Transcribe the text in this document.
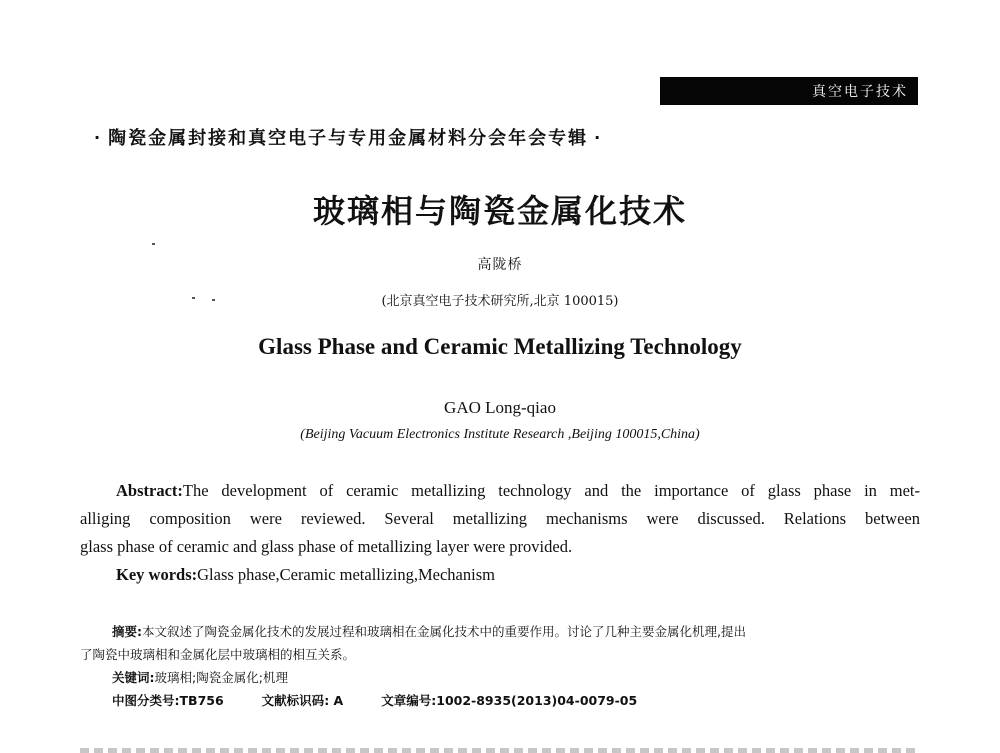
真空电子技术
· 陶瓷金属封接和真空电子与专用金属材料分会年会专辑 ·
玻璃相与陶瓷金属化技术
高陇桥
(北京真空电子技术研究所,北京 100015)
Glass Phase and Ceramic Metallizing Technology
GAO Long-qiao
(Beijing Vacuum Electronics Institute Research ,Beijing 100015,China)
Abstract:The development of ceramic metallizing technology and the importance of glass phase in met-
alliging composition were reviewed. Several metallizing mechanisms were discussed. Relations between
glass phase of ceramic and glass phase of metallizing layer were provided.
Key words:Glass phase,Ceramic metallizing,Mechanism
摘要:本文叙述了陶瓷金属化技术的发展过程和玻璃相在金属化技术中的重要作用。讨论了几种主要金属化机理,提出
了陶瓷中玻璃相和金属化层中玻璃相的相互关系。
关键词:玻璃相;陶瓷金属化;机理
中图分类号:TB756	文献标识码: A	文章编号:1002-8935(2013)04-0079-05
